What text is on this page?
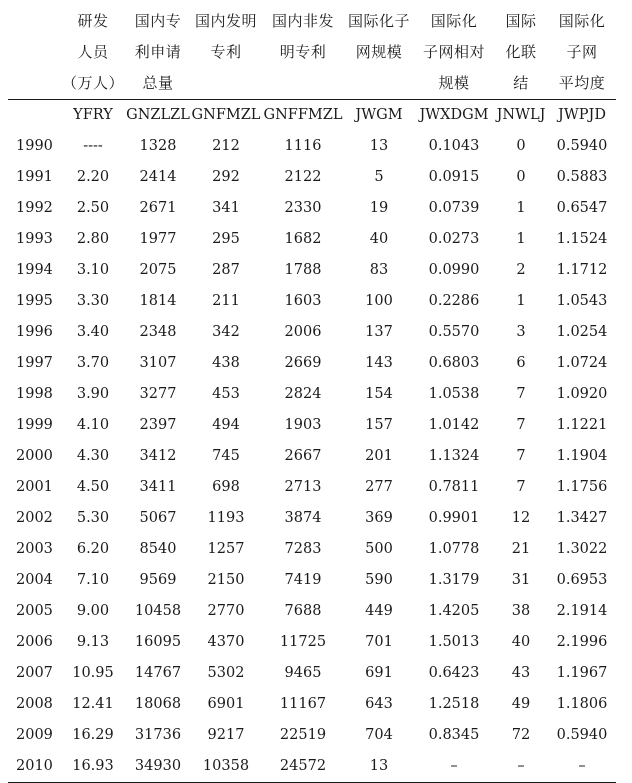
	研发	国内专	国内发明	国内非发	国际化子	国际化	国际	国际化
	人员	利申请	专利	明专利	网规模	子网相对	化联	子网
	（万人）	总量				规模	结	平均度
	YFRY	GNZLZL	GNFMZL	GNFFMZL	JWGM	JWXDGM	JNWLJ	JWPJD
1990	----	1328	212	1116	13	0.1043	0	0.5940
1991	2.20	2414	292	2122	5	0.0915	0	0.5883
1992	2.50	2671	341	2330	19	0.0739	1	0.6547
1993	2.80	1977	295	1682	40	0.0273	1	1.1524
1994	3.10	2075	287	1788	83	0.0990	2	1.1712
1995	3.30	1814	211	1603	100	0.2286	1	1.0543
1996	3.40	2348	342	2006	137	0.5570	3	1.0254
1997	3.70	3107	438	2669	143	0.6803	6	1.0724
1998	3.90	3277	453	2824	154	1.0538	7	1.0920
1999	4.10	2397	494	1903	157	1.0142	7	1.1221
2000	4.30	3412	745	2667	201	1.1324	7	1.1904
2001	4.50	3411	698	2713	277	0.7811	7	1.1756
2002	5.30	5067	1193	3874	369	0.9901	12	1.3427
2003	6.20	8540	1257	7283	500	1.0778	21	1.3022
2004	7.10	9569	2150	7419	590	1.3179	31	0.6953
2005	9.00	10458	2770	7688	449	1.4205	38	2.1914
2006	9.13	16095	4370	11725	701	1.5013	40	2.1996
2007	10.95	14767	5302	9465	691	0.6423	43	1.1967
2008	12.41	18068	6901	11167	643	1.2518	49	1.1806
2009	16.29	31736	9217	22519	704	0.8345	72	0.5940
2010	16.93	34930	10358	24572	13	–	–	–
